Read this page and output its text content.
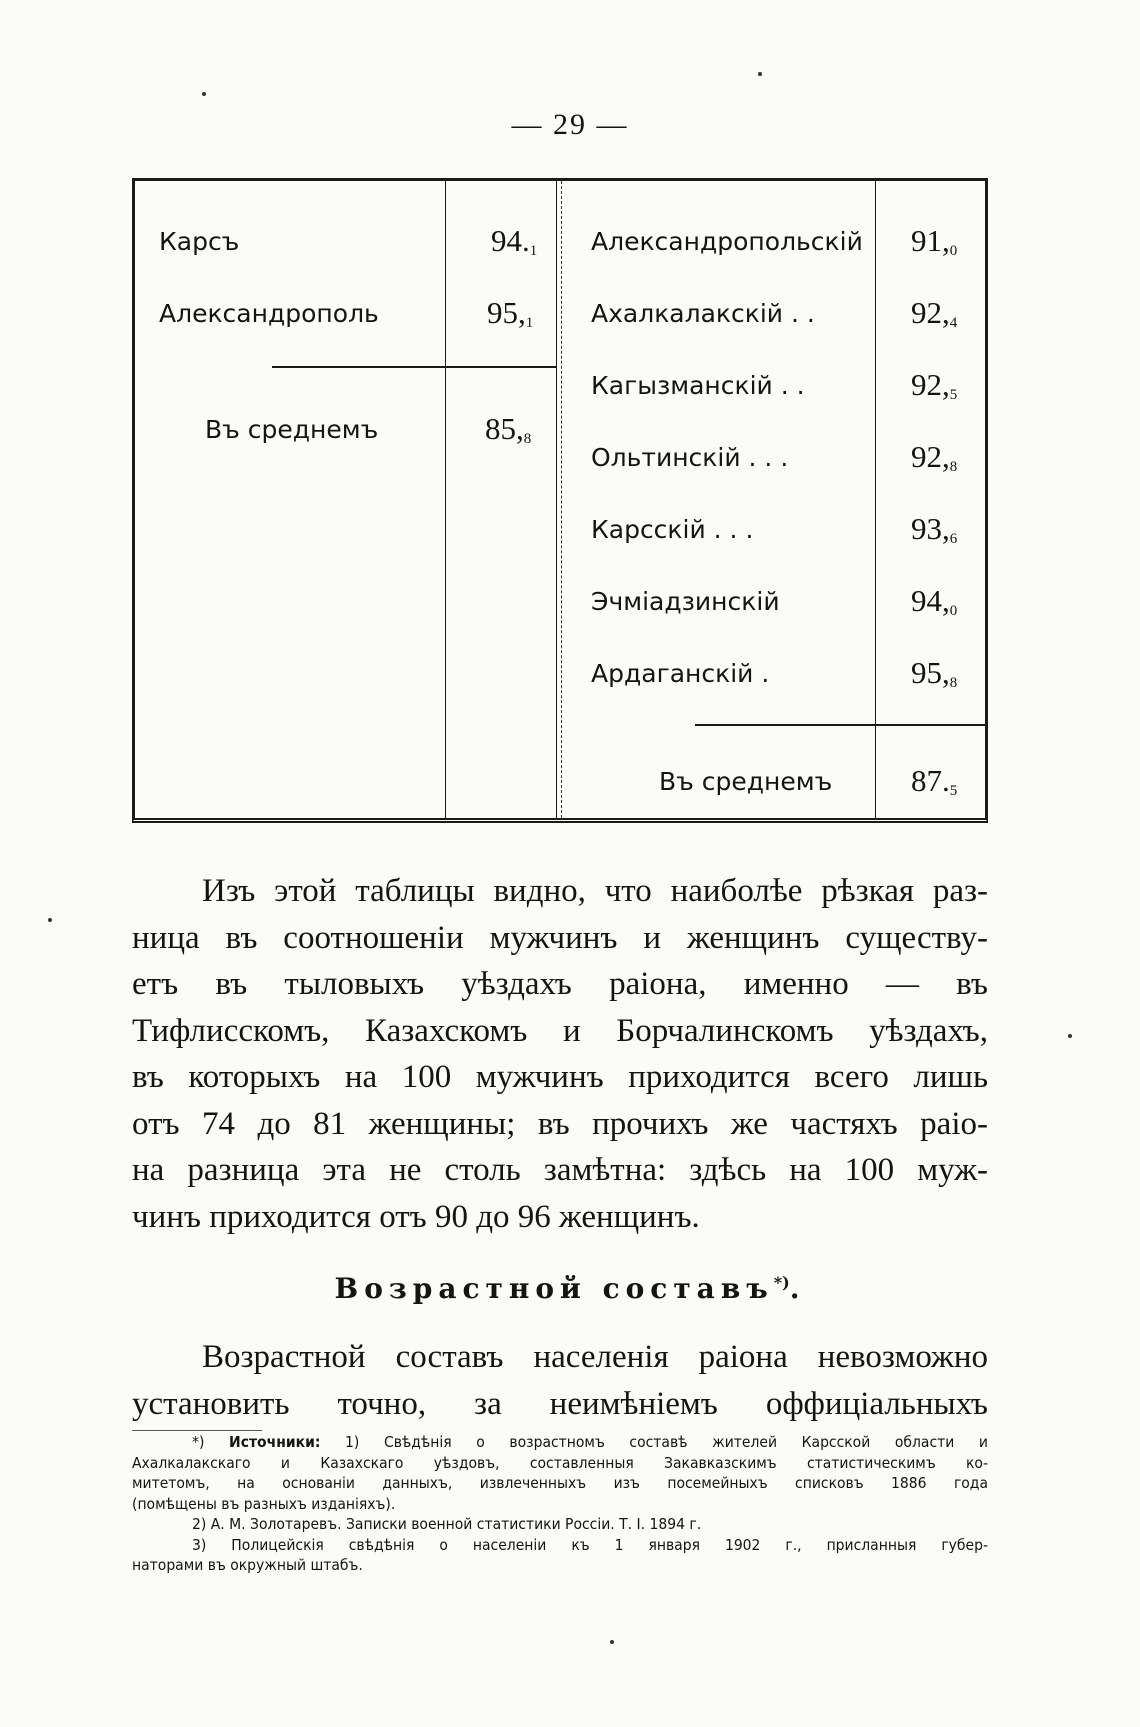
— 29 —
Карсъ	$94._1$
Александрополь	$95,_1$
Въ среднемъ	$85,_8$
Александропольскій $91,_0$
Ахалкалакскій . .	$92,_4$
Кагызманскій . .	$92,_5$
Ольтинскій . . .	$92,_8$
Карсскій . . .	$93,_6$
Эчміадзинскій	$94,_0$
Ардаганскій .	$95,_8$
Въ среднемъ	$87._5$
Изъ этой таблицы видно, что наиболѣе рѣзкая раз-
ница въ соотношеніи мужчинъ и женщинъ существу-
етъ въ тыловыхъ уѣздахъ раіона, именно — въ
Тифлисскомъ, Казахскомъ и Борчалинскомъ уѣздахъ,
въ которыхъ на 100 мужчинъ приходится всего лишь
отъ 74 до 81 женщины; въ прочихъ же частяхъ раіо-
на разница эта не столь замѣтна: здѣсь на 100 муж-
чинъ приходится отъ 90 до 96 женщинъ.
Возрастной составъ*).
Возрастной составъ населенія раіона невозможно
установить точно, за неимѣніемъ оффиціальныхъ
*) Источники: 1) Свѣдѣнія о возрастномъ составѣ жителей Карсской области и
Ахалкалакскаго и Казахскаго уѣздовъ, составленныя Закавказскимъ статистическимъ ко-
митетомъ, на основаніи данныхъ, извлеченныхъ изъ посемейныхъ списковъ 1886 года
(помѣщены въ разныхъ изданіяхъ).
2) А. М. Золотаревъ. Записки военной статистики Россіи. Т. I. 1894 г.
3) Полицейскія свѣдѣнія о населеніи къ 1 января 1902 г., присланныя губер-
наторами въ окружный штабъ.
